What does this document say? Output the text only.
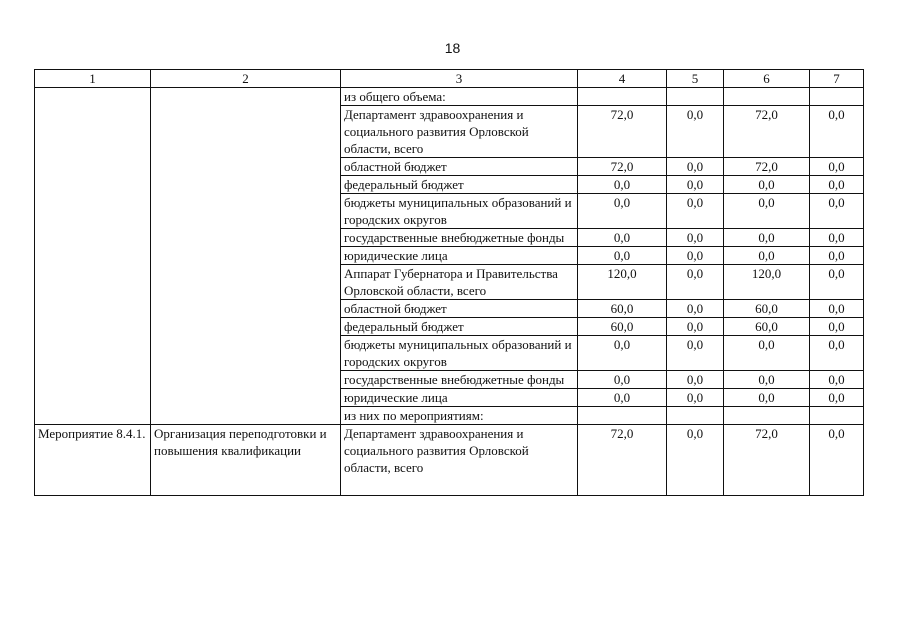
18
1	2	3	4	5	6	7
		из общего объема:				
		Департамент здравоохранения и социального развития Орловской области, всего	72,0	0,0	72,0	0,0
		областной бюджет	72,0	0,0	72,0	0,0
		федеральный бюджет	0,0	0,0	0,0	0,0
		бюджеты муниципальных образований и городских округов	0,0	0,0	0,0	0,0
		государственные внебюджетные фонды	0,0	0,0	0,0	0,0
		юридические лица	0,0	0,0	0,0	0,0
		Аппарат Губернатора и Правительства Орловской области, всего	120,0	0,0	120,0	0,0
		областной бюджет	60,0	0,0	60,0	0,0
		федеральный бюджет	60,0	0,0	60,0	0,0
		бюджеты муниципальных образований и городских округов	0,0	0,0	0,0	0,0
		государственные внебюджетные фонды	0,0	0,0	0,0	0,0
		юридические лица	0,0	0,0	0,0	0,0
		из них по мероприятиям:				
Мероприятие 8.4.1.	Организация переподготовки и повышения квалификации	Департамент здравоохранения и социального развития Орловской области, всего	72,0	0,0	72,0	0,0
